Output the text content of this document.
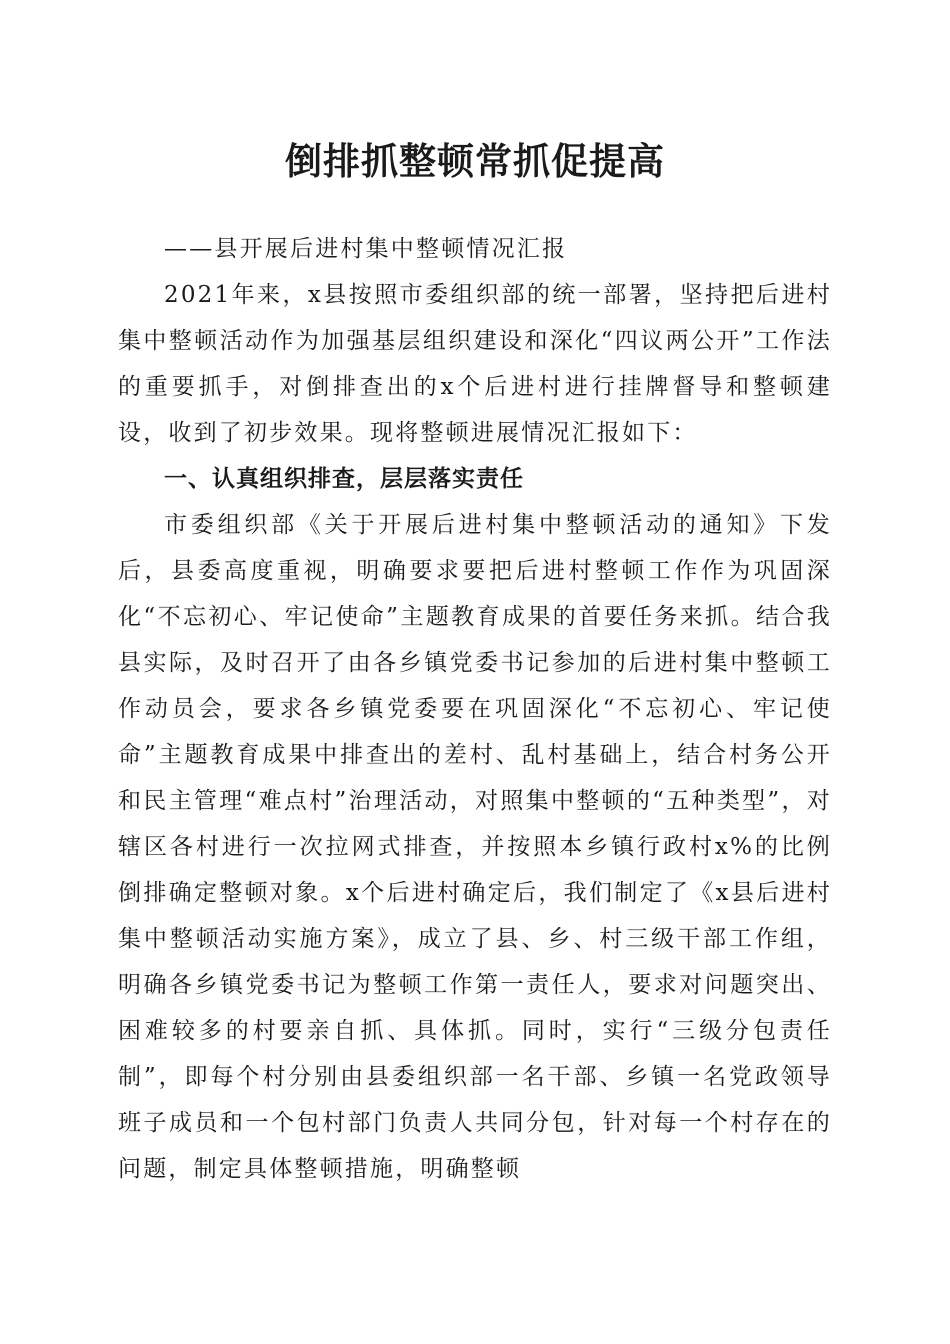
倒排抓整顿常抓促提高

——县开展后进村集中整顿情况汇报

2021年来，x县按照市委组织部的统一部署，坚持把后进村集中整顿活动作为加强基层组织建设和深化“四议两公开”工作法的重要抓手，对倒排查出的x个后进村进行挂牌督导和整顿建设，收到了初步效果。现将整顿进展情况汇报如下：

一、认真组织排查，层层落实责任

市委组织部《关于开展后进村集中整顿活动的通知》下发后，县委高度重视，明确要求要把后进村整顿工作作为巩固深化“不忘初心、牢记使命”主题教育成果的首要任务来抓。结合我县实际，及时召开了由各乡镇党委书记参加的后进村集中整顿工作动员会，要求各乡镇党委要在巩固深化“不忘初心、牢记使命”主题教育成果中排查出的差村、乱村基础上，结合村务公开和民主管理“难点村”治理活动，对照集中整顿的“五种类型”，对辖区各村进行一次拉网式排查，并按照本乡镇行政村x%的比例倒排确定整顿对象。x个后进村确定后，我们制定了《x县后进村集中整顿活动实施方案》，成立了县、乡、村三级干部工作组，明确各乡镇党委书记为整顿工作第一责任人，要求对问题突出、困难较多的村要亲自抓、具体抓。同时，实行“三级分包责任制”，即每个村分别由县委组织部一名干部、乡镇一名党政领导班子成员和一个包村部门负责人共同分包，针对每一个村存在的问题，制定具体整顿措施，明确整顿
